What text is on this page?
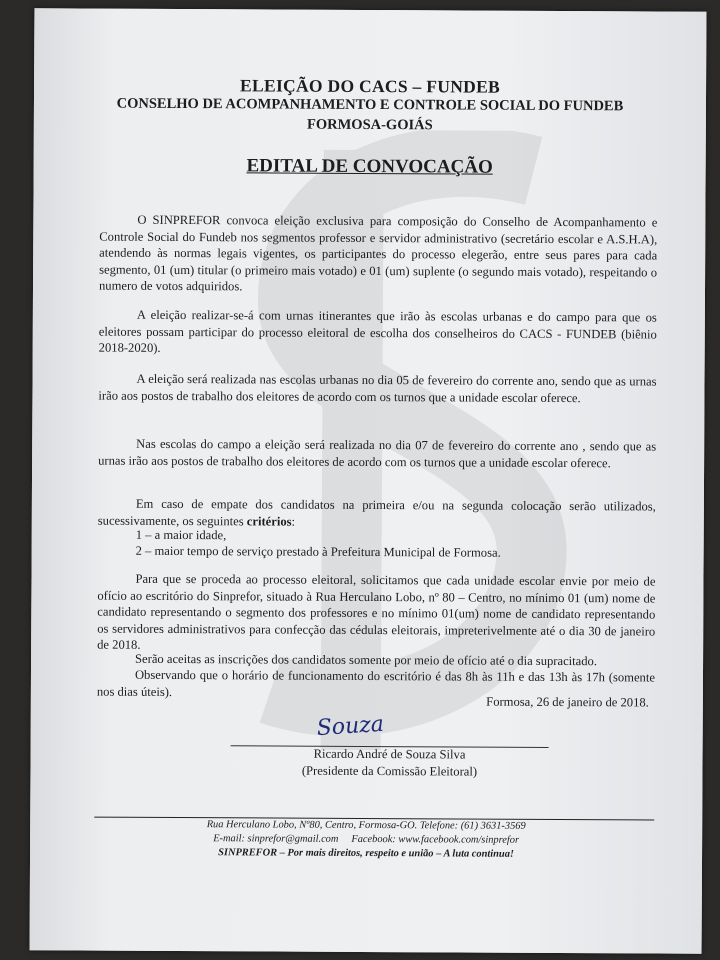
ELEIÇÃO DO CACS – FUNDEB
CONSELHO DE ACOMPANHAMENTO E CONTROLE SOCIAL DO FUNDEB
FORMOSA-GOIÁS
EDITAL DE CONVOCAÇÃO

O SINPREFOR convoca eleição exclusiva para composição do Conselho de Acompanhamento e Controle Social do Fundeb nos segmentos professor e servidor administrativo (secretário escolar e A.S.H.A), atendendo às normas legais vigentes, os participantes do processo elegerão, entre seus pares para cada segmento, 01 (um) titular (o primeiro mais votado) e 01 (um) suplente (o segundo mais votado), respeitando o numero de votos adquiridos.

A eleição realizar-se-á com urnas itinerantes que irão às escolas urbanas e do campo para que os eleitores possam participar do processo eleitoral de escolha dos conselheiros do CACS - FUNDEB (biênio 2018-2020).

A eleição será realizada nas escolas urbanas no dia 05 de fevereiro do corrente ano, sendo que as urnas irão aos postos de trabalho dos eleitores de acordo com os turnos que a unidade escolar oferece.

Nas escolas do campo a eleição será realizada no dia 07 de fevereiro do corrente ano , sendo que as urnas irão aos postos de trabalho dos eleitores de acordo com os turnos que a unidade escolar oferece.

Em caso de empate dos candidatos na primeira e/ou na segunda colocação serão utilizados, sucessivamente, os seguintes critérios:

1 – a maior idade,
2 – maior tempo de serviço prestado à Prefeitura Municipal de Formosa.

Para que se proceda ao processo eleitoral, solicitamos que cada unidade escolar envie por meio de ofício ao escritório do Sinprefor, situado à Rua Herculano Lobo, nº 80 – Centro, no mínimo 01 (um) nome de candidato representando o segmento dos professores e no mínimo 01(um) nome de candidato representando os servidores administrativos para confecção das cédulas eleitorais, impreterivelmente até o dia 30 de janeiro de 2018.

Serão aceitas as inscrições dos candidatos somente por meio de ofício até o dia supracitado.

Observando que o horário de funcionamento do escritório é das 8h às 11h e das 13h às 17h (somente nos dias úteis).

Formosa, 26 de janeiro de 2018.
Souza
Ricardo André de Souza Silva
(Presidente da Comissão Eleitoral)
Rua Herculano Lobo, Nº80, Centro, Formosa-GO. Telefone: (61) 3631-3569
E-mail: sinprefor@gmail.com     Facebook: www.facebook.com/sinprefor
SINPREFOR – Por mais direitos, respeito e união – A luta continua!
